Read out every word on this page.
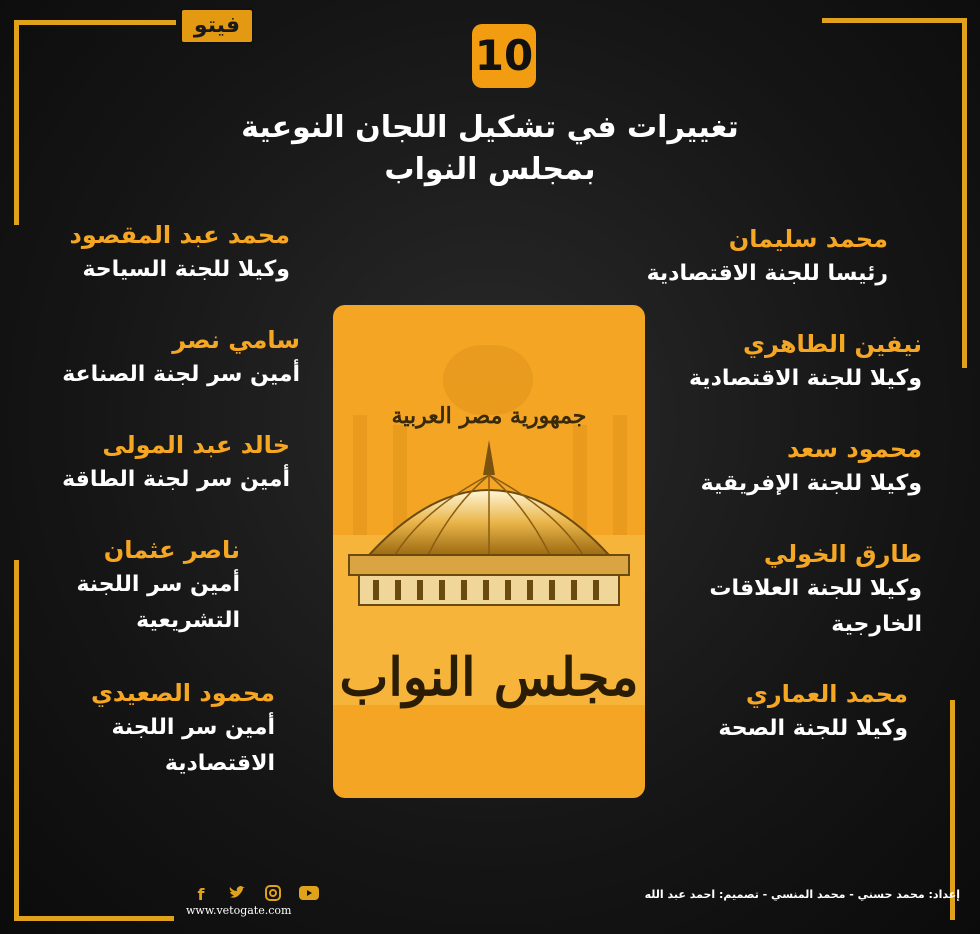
فيتو
10
تغييرات في تشكيل اللجان النوعية
بمجلس النواب
محمد سليمان
رئيسا للجنة الاقتصادية
نيفين الطاهري
وكيلا للجنة الاقتصادية
محمود سعد
وكيلا للجنة الإفريقية
طارق الخولي
وكيلا للجنة العلاقات
الخارجية
محمد العماري
وكيلا للجنة الصحة
محمد عبد المقصود
وكيلا للجنة السياحة
سامي نصر
أمين سر لجنة الصناعة
خالد عبد المولى
أمين سر لجنة الطاقة
ناصر عثمان
أمين سر اللجنة
التشريعية
محمود الصعيدي
أمين سر اللجنة
الاقتصادية
جمهورية مصر العربية
مجلس النواب
f
www.vetogate.com
إعداد: محمد حسني - محمد المنسي - تصميم: احمد عبد الله
